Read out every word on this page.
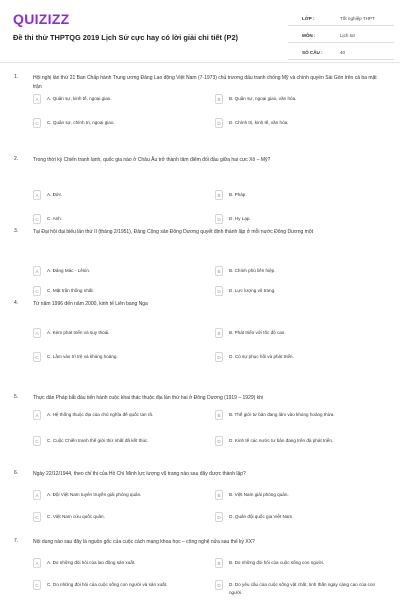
QUIZIZZ
Đề thi thử THPTQG 2019 Lịch Sử cực hay có lời giải chi tiết (P2)
LỚP :	Tốt nghiệp THPT
MÔN :	Lịch sử
SỐ CÂU :	40
1.	Hội nghị lần thứ 21 Ban Chấp hành Trung ương Đảng Lao động Việt Nam (7-1973) chủ trương đấu tranh chống Mỹ và chính quyền Sài Gòn trên cả ba mặt trận
A	A. Quân sự, kinh tế, ngoại giao.	B	B. Quân sự, ngoại giao, văn hóa.
C	C. Quân sự, chính trị, ngoại giao.	D	D. Chính trị, kinh tế, văn hóa.
2.	Trong thời kỳ Chiến tranh lạnh, quốc gia nào ở Châu Âu trở thành tâm điểm đối đầu giữa hai cực Xô – Mỹ?
A	A. Đức.	B	B. Pháp.
C	C. Anh.	D	D. Hy Lạp.
3.	Tại Đại hội đại biểu lần thứ II (tháng 2/1951), Đảng Cộng sản Đông Dương quyết định thành lập ở mỗi nước Đông Dương một
A	A. Đảng Mác - Lênin.	B	B. Chính phủ liên hiệp.
C	C. Mặt trận thống nhất.	D	D. Lực lượng vũ trang.
4.	Từ năm 1996 đến năm 2000, kinh tế Liên bang Nga
A	A. Kém phát triển và suy thoái.	B	B. Phát triển với tốc độ cao.
C	C. Lâm vào trì trệ và khủng hoảng.	D	D. Có sự phục hồi và phát triển.
5.	Thực dân Pháp bắt đầu tiến hành cuộc khai thác thuộc địa lần thứ hai ở Đông Dương (1919 – 1929) khi
A	A. Hệ thống thuộc địa của chủ nghĩa đế quốc tan rã.	B	B. Thế giới tư bản đang lâm vào khủng hoảng thừa.
C	C. Cuộc Chiến tranh thế giới thứ nhất đã kết thúc.	D	D. Kinh tế các nước tư bản đang trên đà phát triển.
6.	Ngày 22/12/1944, theo chỉ thị của Hồ Chí Minh lực lượng vũ trang nào sau đây được thành lập?
A	A. Đội Việt Nam tuyên truyền giải phóng quân.	B	B. Việt Nam giải phóng quân.
C	C. Việt Nam cứu quốc quân.	D	D. Quân đội quốc gia Việt Nam.
7.	Nội dung nào sau đây là nguồn gốc của cuộc cách mạng khoa học – công nghệ nửa sau thế kỷ XX?
A	A. Do những đòi hỏi của lao động sản xuất.	B	B. Do những đòi hỏi của cuộc sống con người.
C	C. Do những đòi hỏi của cuộc sống con người và sản xuất.	D	D. Do yêu cầu của cuộc sống vật chất, tinh thần ngày càng cao của con người.
